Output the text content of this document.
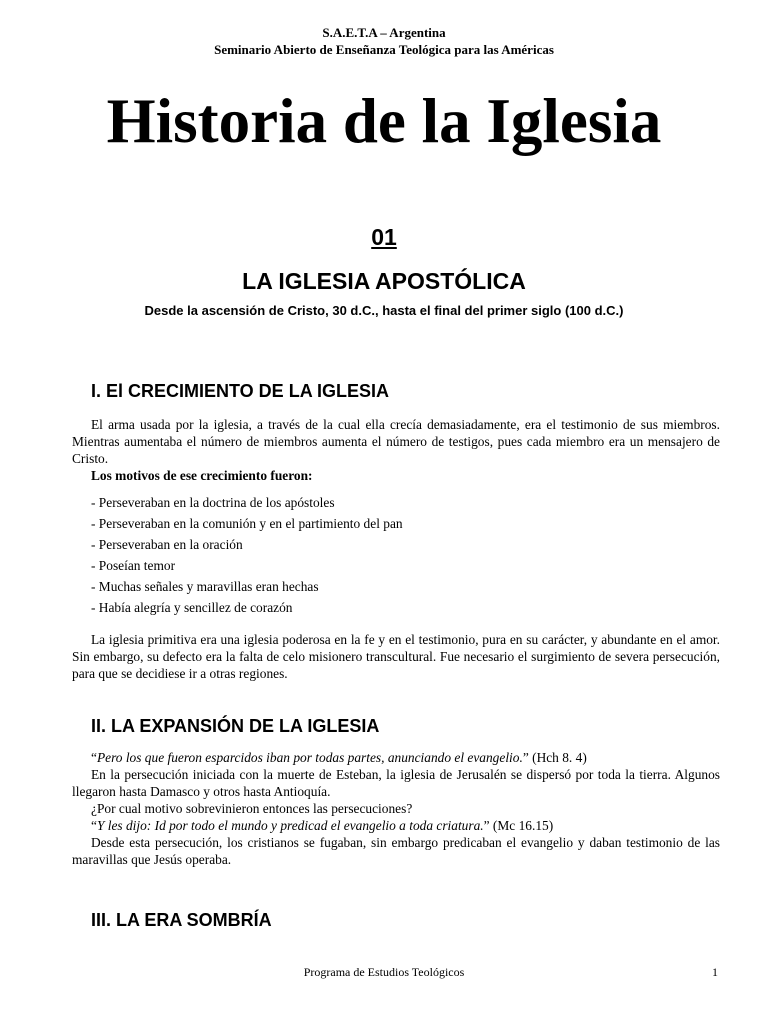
S.A.E.T.A – Argentina
Seminario Abierto de Enseñanza Teológica para las Américas
Historia de la Iglesia
01
LA IGLESIA APOSTÓLICA
Desde la ascensión de Cristo, 30 d.C., hasta el final del primer siglo (100 d.C.)
I. El CRECIMIENTO DE LA IGLESIA

El arma usada por la iglesia, a través de la cual ella crecía demasiadamente, era el testimonio de sus miembros. Mientras aumentaba el número de miembros aumenta el número de testigos, pues cada miembro era un mensajero de Cristo.

Los motivos de ese crecimiento fueron:

- Perseveraban en la doctrina de los apóstoles
- Perseveraban en la comunión y en el partimiento del pan
- Perseveraban en la oración
- Poseían temor
- Muchas señales y maravillas eran hechas
- Había alegría y sencillez de corazón

La iglesia primitiva era una iglesia poderosa en la fe y en el testimonio, pura en su carácter, y abundante en el amor. Sin embargo, su defecto era la falta de celo misionero transcultural. Fue necesario el surgimiento de severa persecución, para que se decidiese ir a otras regiones.

II. LA EXPANSIÓN DE LA IGLESIA
“Pero los que fueron esparcidos iban por todas partes, anunciando el evangelio.” (Hch 8. 4)
En la persecución iniciada con la muerte de Esteban, la iglesia de Jerusalén se dispersó por toda la tierra. Algunos llegaron hasta Damasco y otros hasta Antioquía.
¿Por cual motivo sobrevinieron entonces las persecuciones?
“Y les dijo: Id por todo el mundo y predicad el evangelio a toda criatura.” (Mc 16.15)
Desde esta persecución, los cristianos se fugaban, sin embargo predicaban el evangelio y daban testimonio de las maravillas que Jesús operaba.
III. LA ERA SOMBRÍA
Programa de Estudios Teológicos	1
